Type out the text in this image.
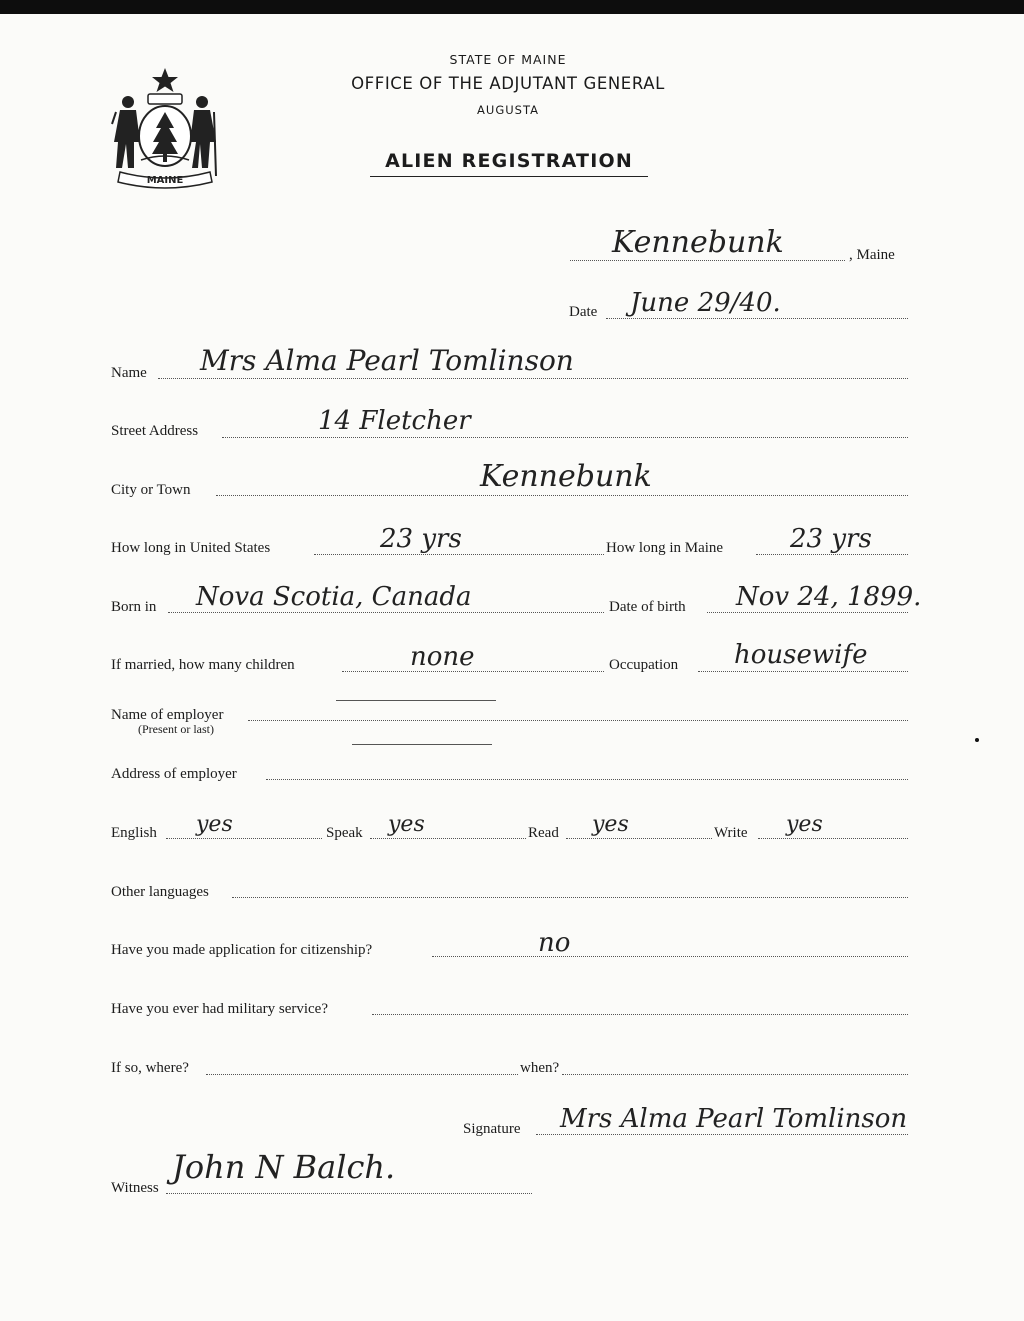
MAINE
STATE OF MAINE
OFFICE OF THE ADJUTANT GENERAL
AUGUSTA
ALIEN REGISTRATION
Kennebunk	, Maine
Date June 29/40.
Name Mrs Alma Pearl Tomlinson
Street Address	14 Fletcher
City or Town	Kennebunk
How long in United States	23 yrs	How long in Maine	23 yrs
Born in Nova Scotia, Canada	Date of birth Nov 24, 1899.
If married, how many children	none	Occupation housewife
Name of employer
(Present or last)
Address of employer
English yes	Speak yes	Read yes	Write yes
Other languages
Have you made application for citizenship?	no
Have you ever had military service?
If so, where?	when?
Signature Mrs Alma Pearl Tomlinson
Witness
John N Balch.
